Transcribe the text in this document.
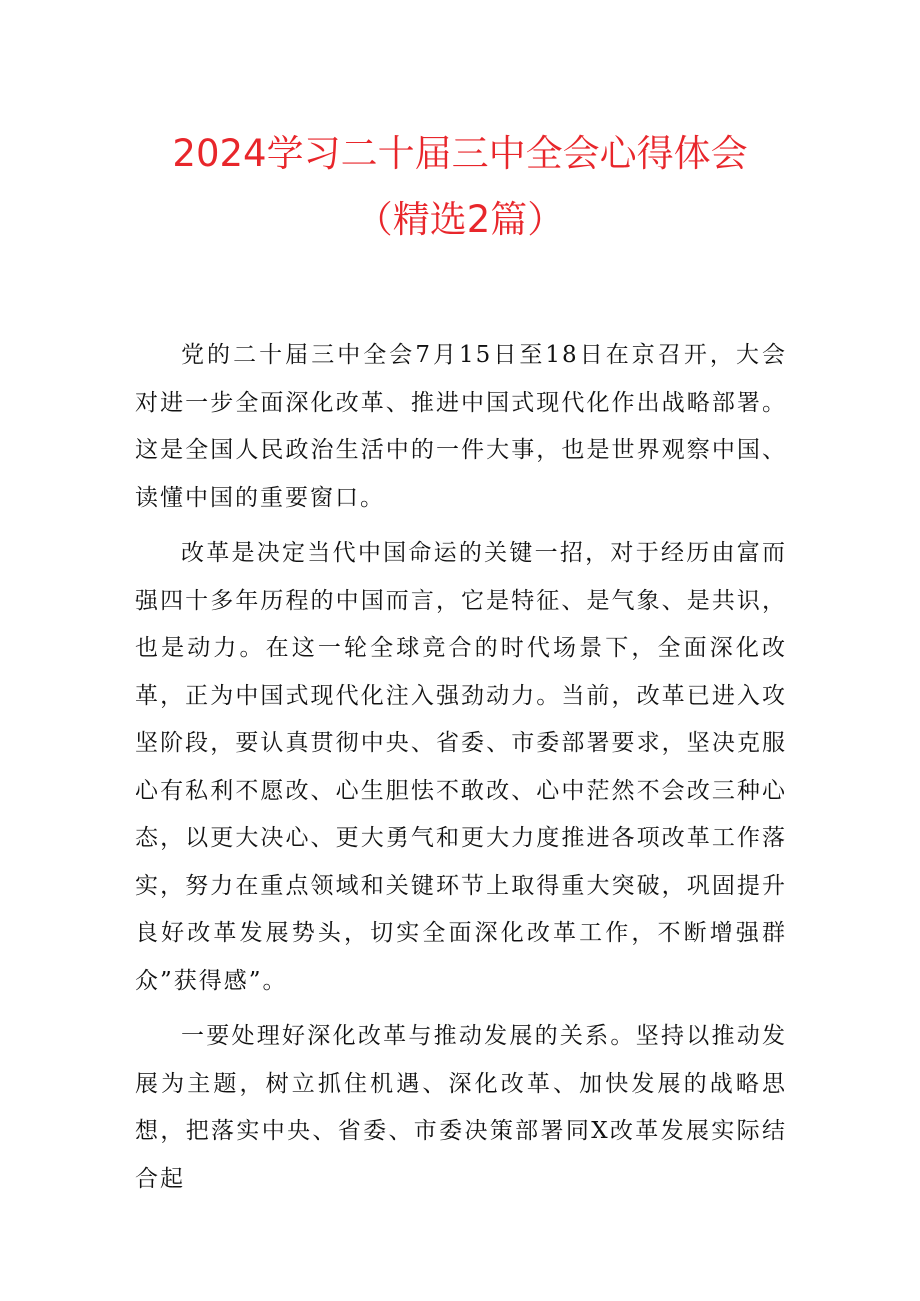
2024学习二十届三中全会心得体会
（精选2篇）

党的二十届三中全会7月15日至18日在京召开，大会对进一步全面深化改革、推进中国式现代化作出战略部署。这是全国人民政治生活中的一件大事，也是世界观察中国、读懂中国的重要窗口。

改革是决定当代中国命运的关键一招，对于经历由富而强四十多年历程的中国而言，它是特征、是气象、是共识，也是动力。在这一轮全球竞合的时代场景下，全面深化改革，正为中国式现代化注入强劲动力。当前，改革已进入攻坚阶段，要认真贯彻中央、省委、市委部署要求，坚决克服心有私利不愿改、心生胆怯不敢改、心中茫然不会改三种心态，以更大决心、更大勇气和更大力度推进各项改革工作落实，努力在重点领域和关键环节上取得重大突破，巩固提升良好改革发展势头，切实全面深化改革工作，不断增强群众”获得感”。

一要处理好深化改革与推动发展的关系。坚持以推动发展为主题，树立抓住机遇、深化改革、加快发展的战略思想，把落实中央、省委、市委决策部署同X改革发展实际结合起
